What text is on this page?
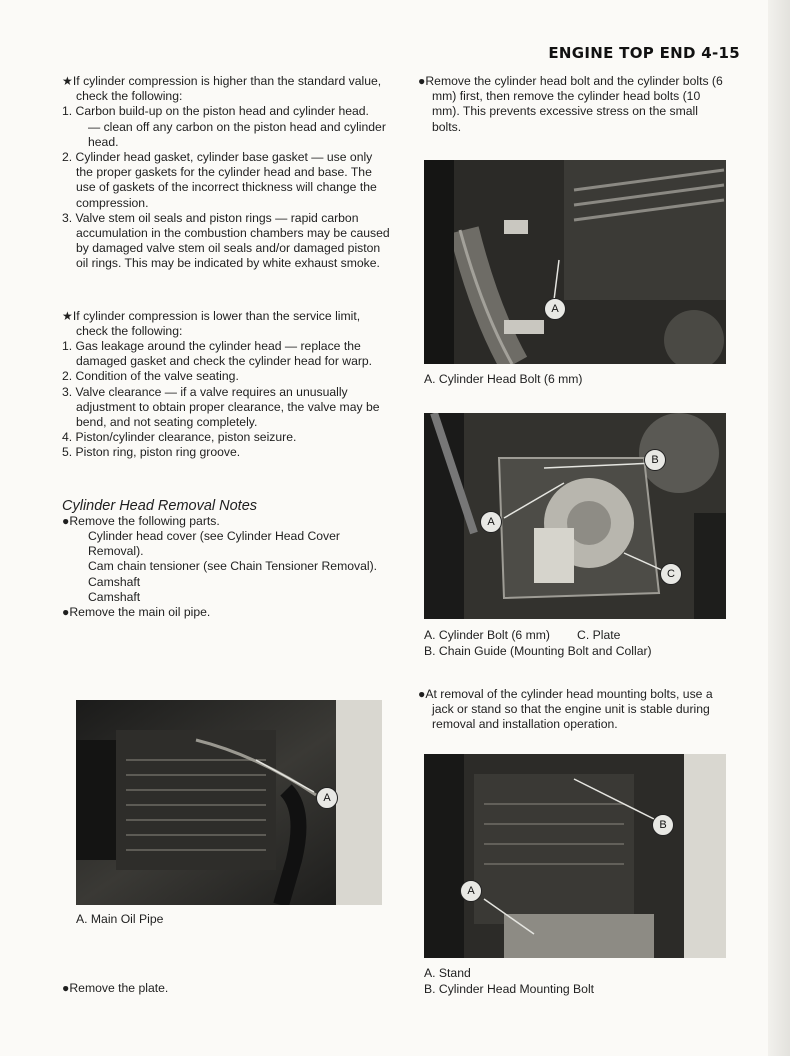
ENGINE TOP END 4-15

★If cylinder compression is higher than the standard value, check the following:

1. Carbon build-up on the piston head and cylinder head.

— clean off any carbon on the piston head and cylinder head.

2. Cylinder head gasket, cylinder base gasket — use only the proper gaskets for the cylinder head and base. The use of gaskets of the incorrect thickness will change the compression.

3. Valve stem oil seals and piston rings — rapid carbon accumulation in the combustion chambers may be caused by damaged valve stem oil seals and/or damaged piston oil rings. This may be indicated by white exhaust smoke.

★If cylinder compression is lower than the service limit, check the following:

1. Gas leakage around the cylinder head — replace the damaged gasket and check the cylinder head for warp.

2. Condition of the valve seating.

3. Valve clearance — if a valve requires an unusually adjustment to obtain proper clearance, the valve may be bend, and not seating completely.

4. Piston/cylinder clearance, piston seizure.

5. Piston ring, piston ring groove.

Cylinder Head Removal Notes

●Remove the following parts.

Cylinder head cover (see Cylinder Head Cover Removal).

Cam chain tensioner (see Chain Tensioner Removal).

Camshaft

Camshaft

●Remove the main oil pipe.

A
A. Main Oil Pipe
●Remove the plate.

●Remove the cylinder head bolt and the cylinder bolts (6 mm) first, then remove the cylinder head bolts (10 mm). This prevents excessive stress on the small bolts.

A
A. Cylinder Head Bolt (6 mm)
B
A
C
A. Cylinder Bolt (6 mm)        C. Plate
B. Chain Guide (Mounting Bolt and Collar)

●At removal of the cylinder head mounting bolts, use a jack or stand so that the engine unit is stable during removal and installation operation.

B
A
A. Stand
B. Cylinder Head Mounting Bolt
